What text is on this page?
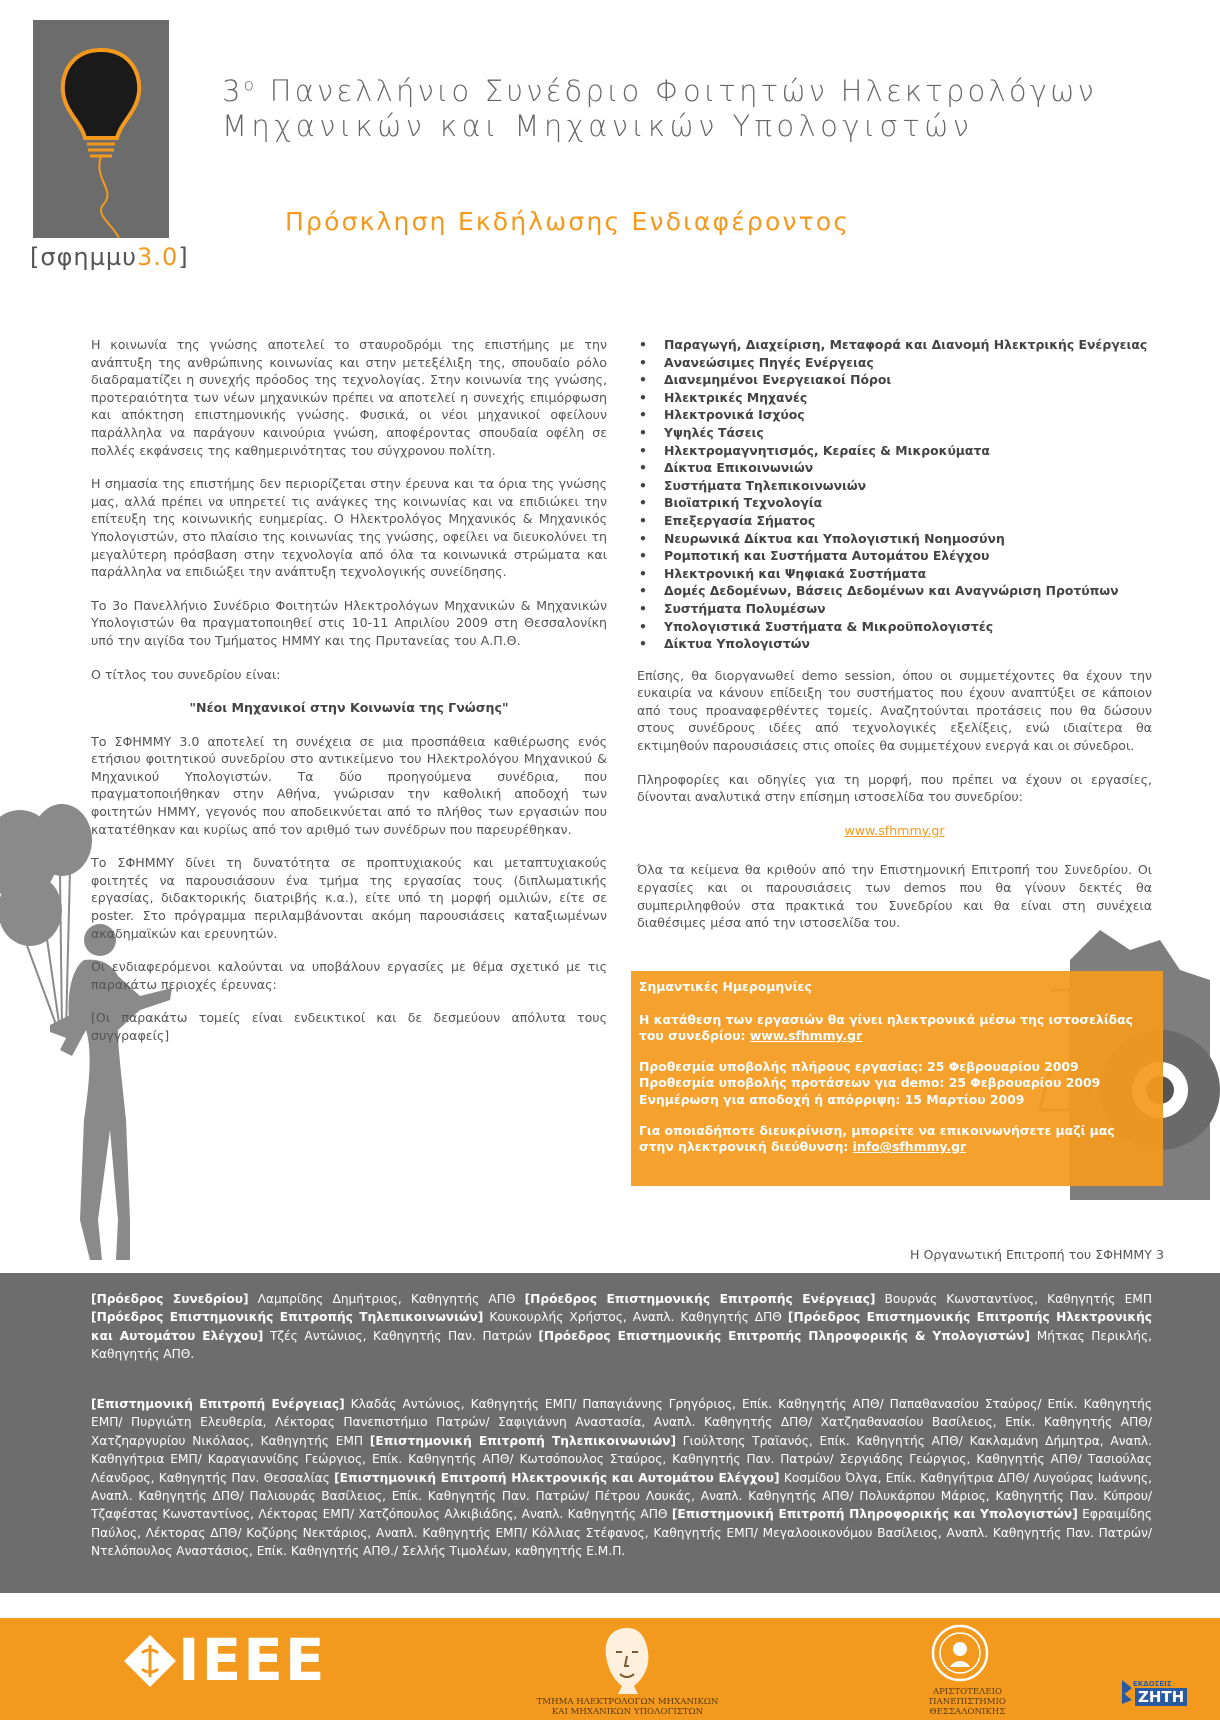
[σφηµµυ3.0]
$3^o$ Πανελλήνιο Συνέδριο Φοιτητών Ηλεκτρολόγων
Μηχανικών και Μηχανικών Υπολογιστών
Πρόσκληση Εκδήλωσης Ενδιαφέροντος

Η κοινωνία της γνώσης αποτελεί το σταυροδρόμι της επιστήμης με την ανάπτυξη της ανθρώπινης κοινωνίας και στην μετεξέλιξη της, σπουδαίο ρόλο διαδραματίζει η συνεχής πρόοδος της τεχνολογίας. Στην κοινωνία της γνώσης, προτεραιότητα των νέων μηχανικών πρέπει να αποτελεί η συνεχής επιμόρφωση και απόκτηση επιστημονικής γνώσης. Φυσικά, οι νέοι μηχανικοί οφείλουν παράλληλα να παράγουν καινούρια γνώση, αποφέροντας σπουδαία οφέλη σε πολλές εκφάνσεις της καθημερινότητας του σύγχρονου πολίτη.

Η σημασία της επιστήμης δεν περιορίζεται στην έρευνα και τα όρια της γνώσης μας, αλλά πρέπει να υπηρετεί τις ανάγκες της κοινωνίας και να επιδιώκει την επίτευξη της κοινωνικής ευημερίας. Ο Ηλεκτρολόγος Μηχανικός & Μηχανικός Υπολογιστών, στο πλαίσιο της κοινωνίας της γνώσης, οφείλει να διευκολύνει τη μεγαλύτερη πρόσβαση στην τεχνολογία από όλα τα κοινωνικά στρώματα και παράλληλα να επιδιώξει την ανάπτυξη τεχνολογικής συνείδησης.

Το 3ο Πανελλήνιο Συνέδριο Φοιτητών Ηλεκτρολόγων Μηχανικών & Μηχανικών Υπολογιστών θα πραγματοποιηθεί στις 10-11 Απριλίου 2009 στη Θεσσαλονίκη υπό την αιγίδα του Τμήματος ΗΜΜΥ και της Πρυτανείας του Α.Π.Θ.

Ο τίτλος του συνεδρίου είναι:

"Νέοι Μηχανικοί στην Κοινωνία της Γνώσης"

Το ΣΦΗΜΜΥ 3.0 αποτελεί τη συνέχεια σε μια προσπάθεια καθιέρωσης ενός ετήσιου φοιτητικού συνεδρίου στο αντικείμενο του Ηλεκτρολόγου Μηχανικού & Μηχανικού Υπολογιστών. Τα δύο προηγούμενα συνέδρια, που πραγματοποιήθηκαν στην Αθήνα, γνώρισαν την καθολική αποδοχή των φοιτητών ΗΜΜΥ, γεγονός που αποδεικνύεται από το πλήθος των εργασιών που κατατέθηκαν και κυρίως από τον αριθμό των συνέδρων που παρευρέθηκαν.

Το ΣΦΗΜΜΥ δίνει τη δυνατότητα σε προπτυχιακούς και μεταπτυχιακούς φοιτητές να παρουσιάσουν ένα τμήμα της εργασίας τους (διπλωματικής εργασίας, διδακτορικής διατριβής κ.α.), είτε υπό τη μορφή ομιλιών, είτε σε poster. Στο πρόγραμμα περιλαμβάνονται ακόμη παρουσιάσεις καταξιωμένων ακαδημαϊκών και ερευνητών.

Οι ενδιαφερόμενοι καλούνται να υποβάλουν εργασίες με θέμα σχετικό με τις παρακάτω περιοχές έρευνας:

[Οι παρακάτω τομείς είναι ενδεικτικοί και δε δεσμεύουν απόλυτα τους συγγραφείς]

• Παραγωγή, Διαχείριση, Μεταφορά και Διανομή Ηλεκτρικής Ενέργειας
• Ανανεώσιμες Πηγές Ενέργειας
• Διανεμημένοι Ενεργειακοί Πόροι
• Ηλεκτρικές Μηχανές
• Ηλεκτρονικά Ισχύος
• Υψηλές Τάσεις
• Ηλεκτρομαγνητισμός, Κεραίες & Μικροκύματα
• Δίκτυα Επικοινωνιών
• Συστήματα Τηλεπικοινωνιών
• Βιοϊατρική Τεχνολογία
• Επεξεργασία Σήματος
• Νευρωνικά Δίκτυα και Υπολογιστική Νοημοσύνη
• Ρομποτική και Συστήματα Αυτομάτου Ελέγχου
• Ηλεκτρονική και Ψηφιακά Συστήματα
• Δομές Δεδομένων, Βάσεις Δεδομένων και Αναγνώριση Προτύπων
• Συστήματα Πολυμέσων
• Υπολογιστικά Συστήματα & Μικροϋπολογιστές
• Δίκτυα Υπολογιστών

Επίσης, θα διοργανωθεί demo session, όπου οι συμμετέχοντες θα έχουν την ευκαιρία να κάνουν επίδειξη του συστήματος που έχουν αναπτύξει σε κάποιον από τους προαναφερθέντες τομείς. Αναζητούνται προτάσεις που θα δώσουν στους συνέδρους ιδέες από τεχνολογικές εξελίξεις, ενώ ιδιαίτερα θα εκτιμηθούν παρουσιάσεις στις οποίες θα συμμετέχουν ενεργά και οι σύνεδροι.

Πληροφορίες και οδηγίες για τη μορφή, που πρέπει να έχουν οι εργασίες, δίνονται αναλυτικά στην επίσημη ιστοσελίδα του συνεδρίου:

www.sfhmmy.gr

Όλα τα κείμενα θα κριθούν από την Επιστημονική Επιτροπή του Συνεδρίου. Οι εργασίες και οι παρουσιάσεις των demos που θα γίνουν δεκτές θα συμπεριληφθούν στα πρακτικά του Συνεδρίου και θα είναι στη συνέχεια διαθέσιμες μέσα από την ιστοσελίδα του.

Σημαντικές Ημερομηνίες

Η κατάθεση των εργασιών θα γίνει ηλεκτρονικά μέσω της ιστοσελίδας του συνεδρίου: www.sfhmmy.gr

Προθεσμία υποβολής πλήρους εργασίας: 25 Φεβρουαρίου 2009

Προθεσμία υποβολής προτάσεων για demo: 25 Φεβρουαρίου 2009

Ενημέρωση για αποδοχή ή απόρριψη: 15 Μαρτίου 2009

Για οποιαδήποτε διευκρίνιση, μπορείτε να επικοινωνήσετε μαζί μας στην ηλεκτρονική διεύθυνση: info@sfhmmy.gr

Η Οργανωτική Επιτροπή του ΣΦΗΜΜΥ 3
[Πρόεδρος Συνεδρίου] Λαμπρίδης Δημήτριος, Καθηγητής ΑΠΘ [Πρόεδρος Επιστημονικής Επιτροπής Ενέργειας] Βουρνάς Κωνσταντίνος, Καθηγητής ΕΜΠ [Πρόεδρος Επιστημονικής Επιτροπής Τηλεπικοινωνιών] Κουκουρλής Χρήστος, Αναπλ. Καθηγητής ΔΠΘ [Πρόεδρος Επιστημονικής Επιτροπής Ηλεκτρονικής και Αυτομάτου Ελέγχου] Τζές Αντώνιος, Καθηγητής Παν. Πατρών [Πρόεδρος Επιστημονικής Επιτροπής Πληροφορικής & Υπολογιστών] Μήτκας Περικλής, Καθηγητής ΑΠΘ.
[Επιστημονική Επιτροπή Ενέργειας] Κλαδάς Αντώνιος, Καθηγητής ΕΜΠ/ Παπαγιάννης Γρηγόριος, Επίκ. Καθηγητής ΑΠΘ/ Παπαθανασίου Σταύρος/ Επίκ. Καθηγητής ΕΜΠ/ Πυργιώτη Ελευθερία, Λέκτορας Πανεπιστήμιο Πατρών/ Σαφιγιάννη Αναστασία, Αναπλ. Καθηγητής ΔΠΘ/ Χατζηαθανασίου Βασίλειος, Επίκ. Καθηγητής ΑΠΘ/ Χατζηαργυρίου Νικόλαος, Καθηγητής ΕΜΠ [Επιστημονική Επιτροπή Τηλεπικοινωνιών] Γιούλτσης Τραϊανός, Επίκ. Καθηγητής ΑΠΘ/ Κακλαμάνη Δήμητρα, Αναπλ. Καθηγήτρια ΕΜΠ/ Καραγιαννίδης Γεώργιος, Επίκ. Καθηγητής ΑΠΘ/ Κωτσόπουλος Σταύρος, Καθηγητής Παν. Πατρών/ Σεργιάδης Γεώργιος, Καθηγητής ΑΠΘ/ Τασιούλας Λέανδρος, Καθηγητής Παν. Θεσσαλίας [Επιστημονική Επιτροπή Ηλεκτρονικής και Αυτομάτου Ελέγχου] Κοσμίδου Όλγα, Επίκ. Καθηγήτρια ΔΠΘ/ Λυγούρας Ιωάννης, Αναπλ. Καθηγητής ΔΠΘ/ Παλιουράς Βασίλειος, Επίκ. Καθηγητής Παν. Πατρών/ Πέτρου Λουκάς, Αναπλ. Καθηγητής ΑΠΘ/ Πολυκάρπου Μάριος, Καθηγητής Παν. Κύπρου/ Τζαφέστας Κωνσταντίνος, Λέκτορας ΕΜΠ/ Χατζόπουλος Αλκιβιάδης, Αναπλ. Καθηγητής ΑΠΘ [Επιστημονική Επιτροπή Πληροφορικής και Υπολογιστών] Εφραιμίδης Παύλος, Λέκτορας ΔΠΘ/ Κοζύρης Νεκτάριος, Αναπλ. Καθηγητής ΕΜΠ/ Κόλλιας Στέφανος, Καθηγητής ΕΜΠ/ Μεγαλοοικονόμου Βασίλειος, Αναπλ. Καθηγητής Παν. Πατρών/ Ντελόπουλος Αναστάσιος, Επίκ. Καθηγητής ΑΠΘ./ Σελλής Τιμολέων, καθηγητής Ε.Μ.Π.
IEEE
ΤΜΗΜΑ ΗΛΕΚΤΡΟΛΟΓΩΝ ΜΗΧΑΝΙΚΩΝ
ΚΑΙ ΜΗΧΑΝΙΚΩΝ ΥΠΟΛΟΓΙΣΤΩΝ
ΑΡΙΣΤΟΤΕΛΕΙΟ
ΠΑΝΕΠΙΣΤΗΜΙΟ
ΘΕΣΣΑΛΟΝΙΚΗΣ
ΕΚΔΟΣΕΙΣ
ΖΗΤΗ
